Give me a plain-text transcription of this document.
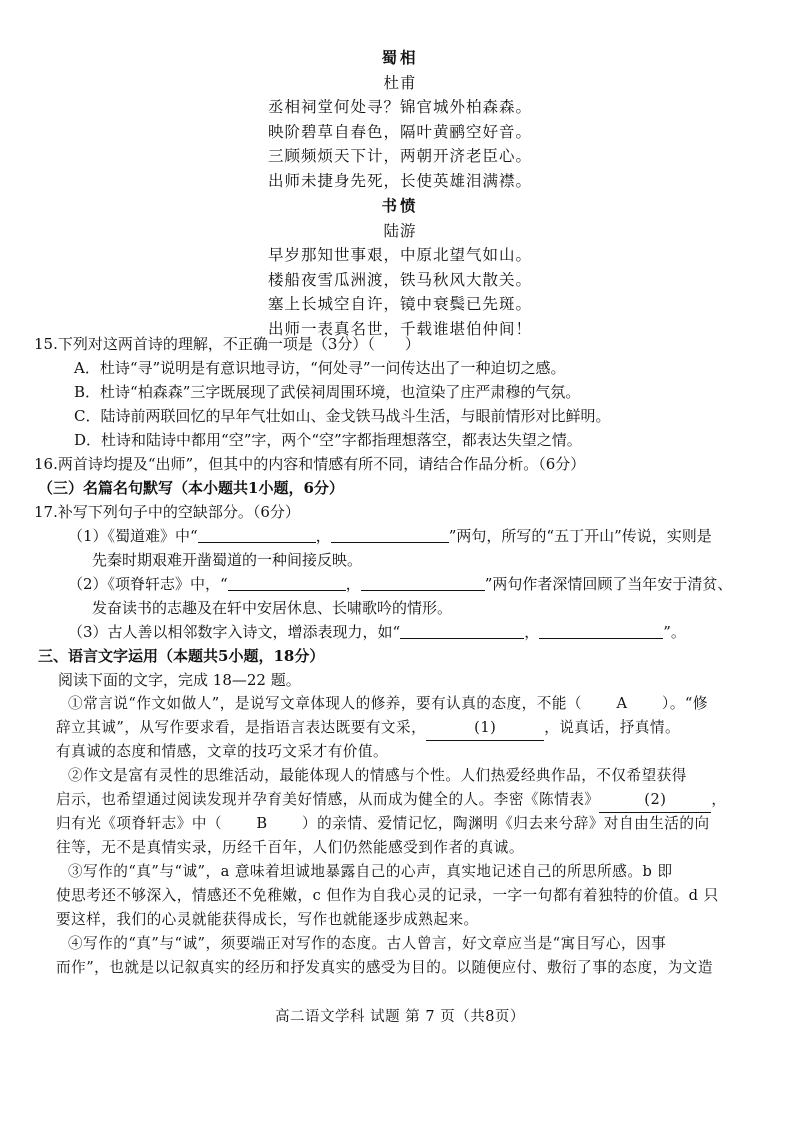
蜀相
杜甫
丞相祠堂何处寻？锦官城外柏森森。
映阶碧草自春色，隔叶黄鹂空好音。
三顾频烦天下计，两朝开济老臣心。
出师未捷身先死，长使英雄泪满襟。
书愤
陆游
早岁那知世事艰，中原北望气如山。
楼船夜雪瓜洲渡，铁马秋风大散关。
塞上长城空自许，镜中衰鬓已先斑。
出师一表真名世，千载谁堪伯仲间！
15.下列对这两首诗的理解，不正确一项是（3分）（　　）
A．杜诗“寻”说明是有意识地寻访，“何处寻”一问传达出了一种迫切之感。
B．杜诗“柏森森”三字既展现了武侯祠周围环境，也渲染了庄严肃穆的气氛。
C．陆诗前两联回忆的早年气壮如山、金戈铁马战斗生活，与眼前情形对比鲜明。
D．杜诗和陆诗中都用“空”字，两个“空”字都指理想落空，都表达失望之情。
16.两首诗均提及“出师”，但其中的内容和情感有所不同，请结合作品分析。（6分）
（三）名篇名句默写（本小题共1小题，6分）
17.补写下列句子中的空缺部分。（6分）
（1）《蜀道难》中“	，	”两句，所写的“五丁开山”传说，实则是
先秦时期艰难开凿蜀道的一种间接反映。
（2）《项脊轩志》中，“	，	”两句作者深情回顾了当年安于清贫、
发奋读书的志趣及在轩中安居休息、长啸歌吟的情形。
（3）古人善以相邻数字入诗文，增添表现力，如“	，	”。
三、语言文字运用（本题共5小题，18分）
阅读下面的文字，完成 18—22 题。
①常言说“作文如做人”，是说写文章体现人的修养，要有认真的态度，不能（ A ）。“修
辞立其诚”，从写作要求看，是指语言表达既要有文采，	(1)	，说真话，抒真情。
有真诚的态度和情感，文章的技巧文采才有价值。
②作文是富有灵性的思维活动，最能体现人的情感与个性。人们热爱经典作品，不仅希望获得
启示，也希望通过阅读发现并孕育美好情感，从而成为健全的人。李密《陈情表》	(2)	，
归有光《项脊轩志》中（ B ）的亲情、爱情记忆，陶渊明《归去来兮辞》对自由生活的向
往等，无不是真情实录，历经千百年，人们仍然能感受到作者的真诚。
③写作的“真”与“诚”，a 意味着坦诚地暴露自己的心声，真实地记述自己的所思所感。b 即
使思考还不够深入，情感还不免稚嫩，c 但作为自我心灵的记录，一字一句都有着独特的价值。d 只
要这样，我们的心灵就能获得成长，写作也就能逐步成熟起来。
④写作的“真”与“诚”，须要端正对写作的态度。古人曾言，好文章应当是“寓目写心，因事
而作”，也就是以记叙真实的经历和抒发真实的感受为目的。以随便应付、敷衍了事的态度，为文造
高二语文学科 试题 第 7 页（共8页）
